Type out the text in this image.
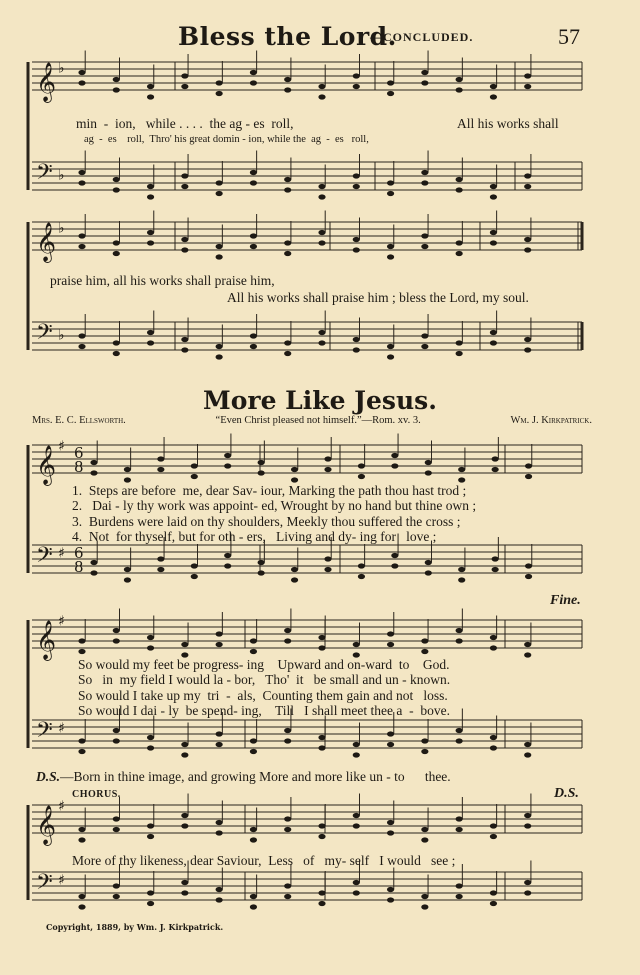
Bless the Lord.
—CONCLUDED.	57
𝄞 ♭
𝄢 ♭
𝄞 ♭
𝄢 ♭
𝄞 ♯ 6
8
𝄢 ♯ 6
8
𝄞 ♯
𝄢 ♯
𝄞 ♯
𝄢 ♯
min  -  ion,   while . . . .  the ag - es  roll,	All his works shall
ag  -  es    roll,  Thro' his great domin - ion, while the  ag  -  es   roll,
praise him, all his works shall praise him,
All his works shall praise him ; bless the Lord, my soul.
More Like Jesus.
Mrs. E. C. Ellsworth.	“Even Christ pleased not himself.”—Rom. xv. 3.	Wm. J. Kirkpatrick.
1.  Steps are before  me, dear Sav- iour, Marking the path thou hast trod ;
2.   Dai - ly thy work was appoint- ed, Wrought by no hand but thine own ;
3.  Burdens were laid on thy shoulders, Meekly thou suffered the cross ;
4.  Not  for thyself, but for oth - ers,   Living and dy- ing for   love ;
Fine.
So would my feet be progress- ing    Upward and on-ward  to    God.
So   in  my field I would la - bor,   Tho'  it   be small and un - known.
So would I take up my  tri  -  als,  Counting them gain and not   loss.
So would I dai - ly  be spend- ing,    Till   I shall meet thee a  -  bove.
D.S.—Born in thine image, and growing More and more like un - to      thee.
CHORUS.	D.S.
More of thy likeness, dear Saviour,  Less   of   my- self   I would   see ;
Copyright, 1889, by Wm. J. Kirkpatrick.
